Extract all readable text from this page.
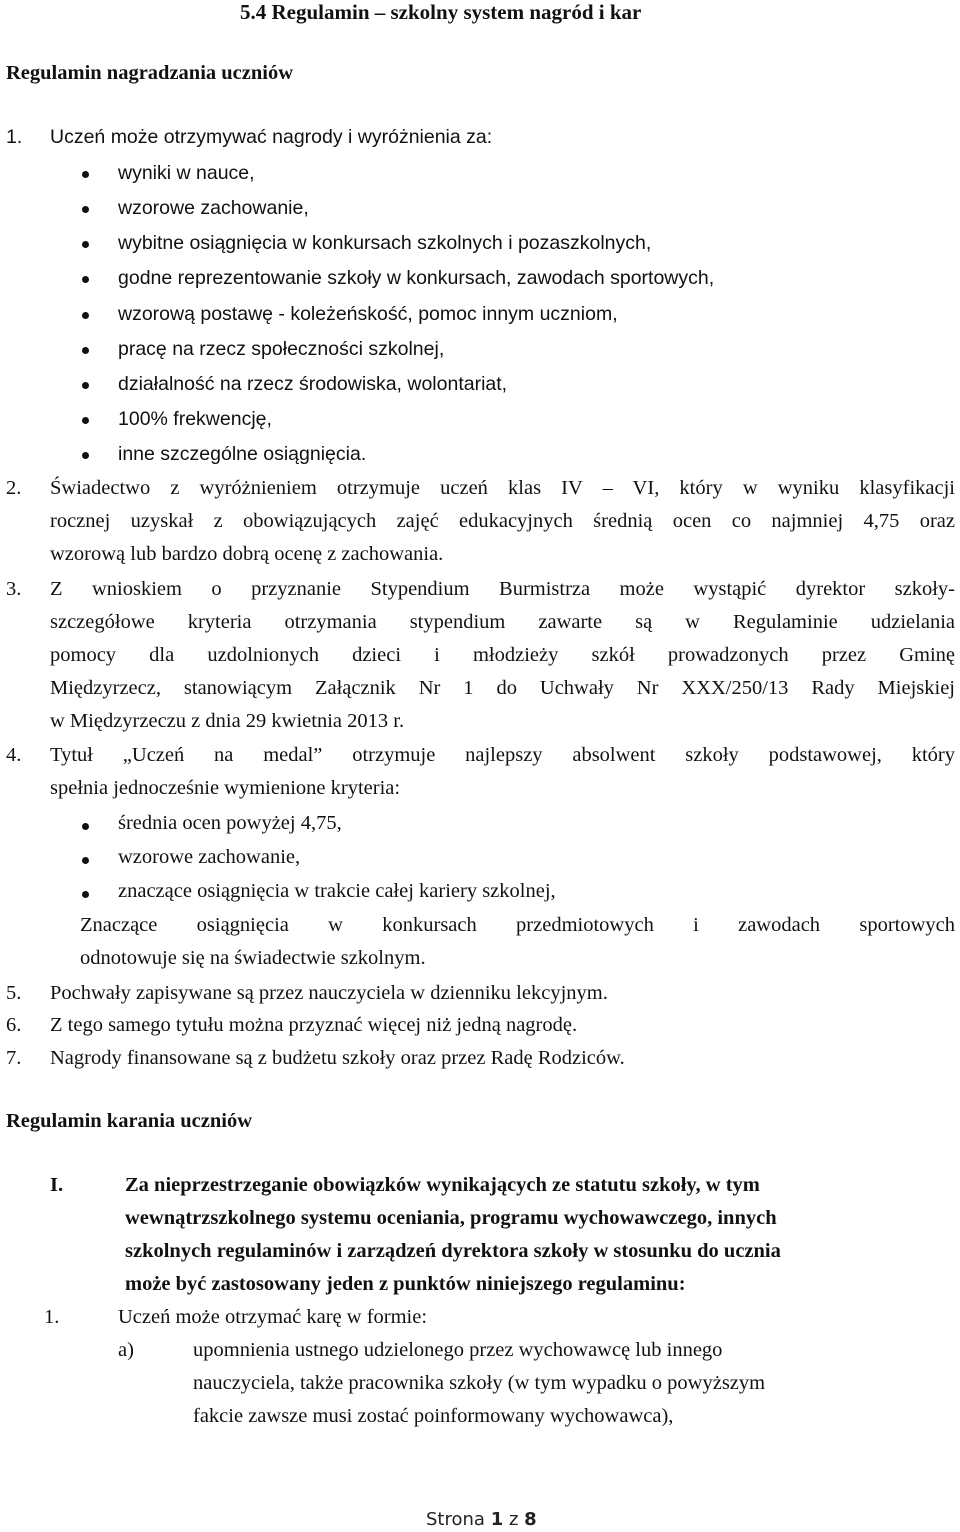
5.4 Regulamin – szkolny system nagród i kar
Regulamin nagradzania uczniów
1. Uczeń może otrzymywać nagrody i wyróżnienia za:
wyniki w nauce,
wzorowe zachowanie,
wybitne osiągnięcia w konkursach szkolnych i pozaszkolnych,
godne reprezentowanie szkoły w konkursach, zawodach sportowych,
wzorową postawę - koleżeńskość, pomoc innym uczniom,
pracę na rzecz społeczności szkolnej,
działalność na rzecz środowiska, wolontariat,
100% frekwencję,
inne szczególne osiągnięcia.
2. Świadectwo z wyróżnieniem otrzymuje uczeń klas IV – VI, który w wyniku klasyfikacji
rocznej uzyskał z obowiązujących zajęć edukacyjnych średnią ocen co najmniej 4,75 oraz
wzorową lub bardzo dobrą ocenę z zachowania.
3. Z wnioskiem o przyznanie Stypendium Burmistrza może wystąpić dyrektor szkoły-
szczegółowe kryteria otrzymania stypendium zawarte są w Regulaminie udzielania
pomocy dla uzdolnionych dzieci i młodzieży szkół prowadzonych przez Gminę
Międzyrzecz, stanowiącym Załącznik Nr 1 do Uchwały Nr XXX/250/13 Rady Miejskiej
w Międzyrzeczu z dnia 29 kwietnia 2013 r.
4. Tytuł „Uczeń na medal” otrzymuje najlepszy absolwent szkoły podstawowej, który
spełnia jednocześnie wymienione kryteria:
średnia ocen powyżej 4,75,
wzorowe zachowanie,
znaczące osiągnięcia w trakcie całej kariery szkolnej,
Znaczące osiągnięcia w konkursach przedmiotowych i zawodach sportowych
odnotowuje się na świadectwie szkolnym.
5. Pochwały zapisywane są przez nauczyciela w dzienniku lekcyjnym.
6. Z tego samego tytułu można przyznać więcej niż jedną nagrodę.
7. Nagrody finansowane są z budżetu szkoły oraz przez Radę Rodziców.
Regulamin karania uczniów
I.	Za nieprzestrzeganie obowiązków wynikających ze statutu szkoły, w tym
wewnątrzszkolnego systemu oceniania, programu wychowawczego, innych
szkolnych regulaminów i zarządzeń dyrektora szkoły w stosunku do ucznia
może być zastosowany jeden z punktów niniejszego regulaminu:
1.	Uczeń może otrzymać karę w formie:
a)	upomnienia ustnego udzielonego przez wychowawcę lub innego
nauczyciela, także pracownika szkoły (w tym wypadku o powyższym
fakcie zawsze musi zostać poinformowany wychowawca),
Strona 1 z 8
